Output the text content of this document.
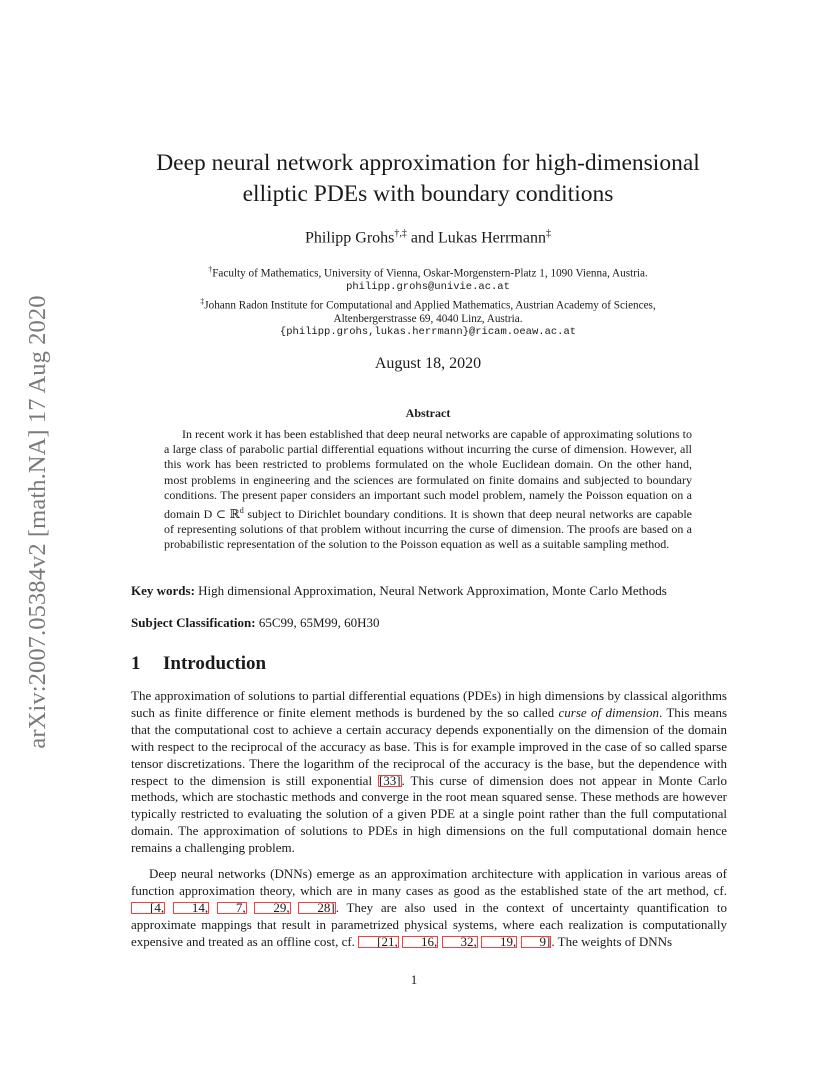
arXiv:2007.05384v2 [math.NA] 17 Aug 2020
Deep neural network approximation for high-dimensional
elliptic PDEs with boundary conditions
Philipp Grohs†,‡ and Lukas Herrmann‡
†Faculty of Mathematics, University of Vienna, Oskar-Morgenstern-Platz 1, 1090 Vienna, Austria.
philipp.grohs@univie.ac.at
‡Johann Radon Institute for Computational and Applied Mathematics, Austrian Academy of Sciences,
Altenbergerstrasse 69, 4040 Linz, Austria.
{philipp.grohs,lukas.herrmann}@ricam.oeaw.ac.at
August 18, 2020
Abstract
In recent work it has been established that deep neural networks are capable of approximating solutions to a large class of parabolic partial differential equations without incurring the curse of dimension. However, all this work has been restricted to problems formulated on the whole Euclidean domain. On the other hand, most problems in engineering and the sciences are formulated on finite domains and subjected to boundary conditions. The present paper considers an important such model problem, namely the Poisson equation on a domain D ⊂ ℝ$^d$ subject to Dirichlet boundary conditions. It is shown that deep neural networks are capable of representing solutions of that problem without incurring the curse of dimension. The proofs are based on a probabilistic representation of the solution to the Poisson equation as well as a suitable sampling method.
Key words: High dimensional Approximation, Neural Network Approximation, Monte Carlo Methods
Subject Classification: 65C99, 65M99, 60H30
1 Introduction
The approximation of solutions to partial differential equations (PDEs) in high dimensions by classical algorithms such as finite difference or finite element methods is burdened by the so called curse of dimension. This means that the computational cost to achieve a certain accuracy depends exponentially on the dimension of the domain with respect to the reciprocal of the accuracy as base. This is for example improved in the case of so called sparse tensor discretizations. There the logarithm of the reciprocal of the accuracy is the base, but the dependence with respect to the dimension is still exponential [33]. This curse of dimension does not appear in Monte Carlo methods, which are stochastic methods and converge in the root mean squared sense. These methods are however typically restricted to evaluating the solution of a given PDE at a single point rather than the full computational domain. The approximation of solutions to PDEs in high dimensions on the full computational domain hence remains a challenging problem.
Deep neural networks (DNNs) emerge as an approximation architecture with application in various areas of function approximation theory, which are in many cases as good as the established state of the art method, cf. [4, 14, 7, 29, 28]. They are also used in the context of uncertainty quantification to approximate mappings that result in parametrized physical systems, where each realization is computationally expensive and treated as an offline cost, cf. [21, 16, 32, 19, 9]. The weights of DNNs
1
